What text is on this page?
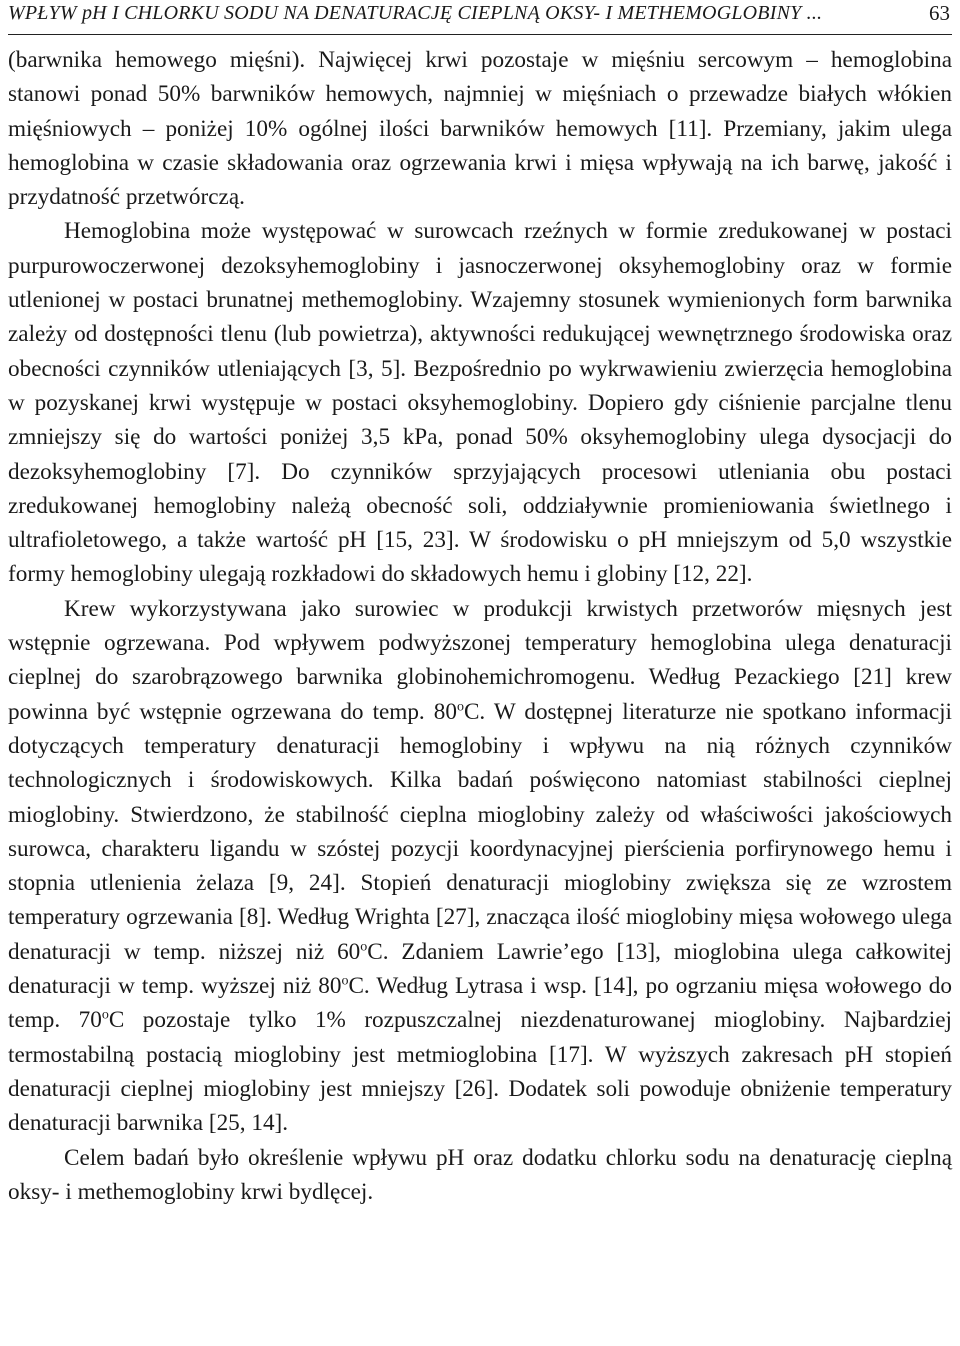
WPŁYW pH I CHLORKU SODU NA DENATURACJĘ CIEPLNĄ OKSY- I METHEMOGLOBINY ...	63

(barwnika hemowego mięśni). Najwięcej krwi pozostaje w mięśniu sercowym – hemoglobina stanowi ponad 50% barwników hemowych, najmniej w mięśniach o przewadze białych włókien mięśniowych – poniżej 10% ogólnej ilości barwników hemowych [11]. Przemiany, jakim ulega hemoglobina w czasie składowania oraz ogrzewania krwi i mięsa wpływają na ich barwę, jakość i przydatność przetwórczą.

Hemoglobina może występować w surowcach rzeźnych w formie zredukowanej w postaci purpurowoczerwonej dezoksyhemoglobiny i jasnoczerwonej oksyhemoglobiny oraz w formie utlenionej w postaci brunatnej methemoglobiny. Wzajemny stosunek wymienionych form barwnika zależy od dostępności tlenu (lub powietrza), aktywności redukującej wewnętrznego środowiska oraz obecności czynników utleniających [3, 5]. Bezpośrednio po wykrwawieniu zwierzęcia hemoglobina w pozyskanej krwi występuje w postaci oksyhemoglobiny. Dopiero gdy ciśnienie parcjalne tlenu zmniejszy się do wartości poniżej 3,5 kPa, ponad 50% oksyhemoglobiny ulega dysocjacji do dezoksyhemoglobiny [7]. Do czynników sprzyjających procesowi utleniania obu postaci zredukowanej hemoglobiny należą obecność soli, oddziaływnie promieniowania świetlnego i ultrafioletowego, a także wartość pH [15, 23]. W środowisku o pH mniejszym od 5,0 wszystkie formy hemoglobiny ulegają rozkładowi do składowych hemu i globiny [12, 22].

Krew wykorzystywana jako surowiec w produkcji krwistych przetworów mięsnych jest wstępnie ogrzewana. Pod wpływem podwyższonej temperatury hemoglobina ulega denaturacji cieplnej do szarobrązowego barwnika globinohemichromogenu. Według Pezackiego [21] krew powinna być wstępnie ogrzewana do temp. 80$^o$C. W dostępnej literaturze nie spotkano informacji dotyczących temperatury denaturacji hemoglobiny i wpływu na nią różnych czynników technologicznych i środowiskowych. Kilka badań poświęcono natomiast stabilności cieplnej mioglobiny. Stwierdzono, że stabilność cieplna mioglobiny zależy od właściwości jakościowych surowca, charakteru ligandu w szóstej pozycji koordynacyjnej pierścienia porfirynowego hemu i stopnia utlenienia żelaza [9, 24]. Stopień denaturacji mioglobiny zwiększa się ze wzrostem temperatury ogrzewania [8]. Według Wrighta [27], znacząca ilość mioglobiny mięsa wołowego ulega denaturacji w temp. niższej niż 60$^o$C. Zdaniem Lawrie’ego [13], mioglobina ulega całkowitej denaturacji w temp. wyższej niż 80$^o$C. Według Lytrasa i wsp. [14], po ogrzaniu mięsa wołowego do temp. 70$^o$C pozostaje tylko 1% rozpuszczalnej niezdenaturowanej mioglobiny. Najbardziej termostabilną postacią mioglobiny jest metmioglobina [17]. W wyższych zakresach pH stopień denaturacji cieplnej mioglobiny jest mniejszy [26]. Dodatek soli powoduje obniżenie temperatury denaturacji barwnika [25, 14].

Celem badań było określenie wpływu pH oraz dodatku chlorku sodu na denaturację cieplną oksy- i methemoglobiny krwi bydlęcej.
